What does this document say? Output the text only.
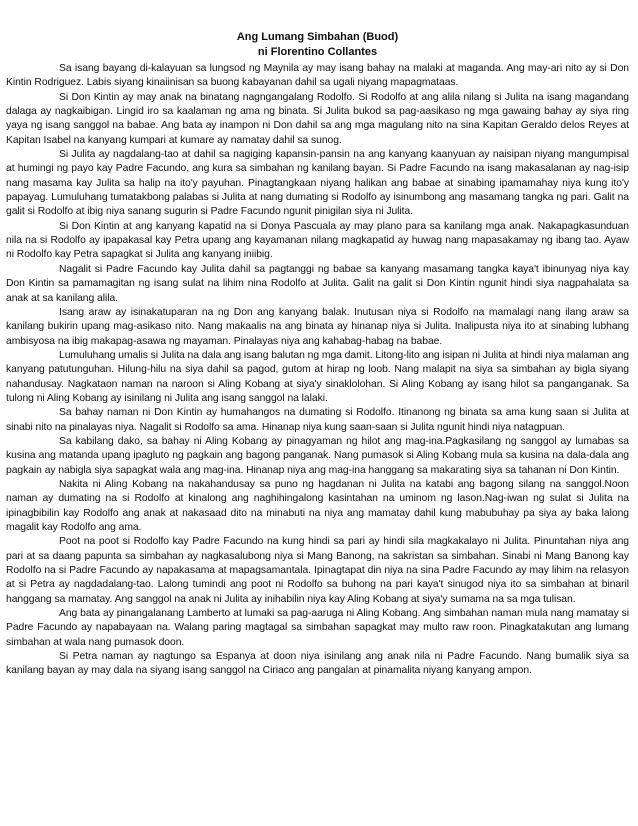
Ang Lumang Simbahan (Buod)
ni Florentino Collantes

Sa isang bayang di-kalayuan sa lungsod ng Maynila ay may isang bahay na malaki at maganda. Ang may-ari nito ay si Don Kintin Rodriguez. Labis siyang kinaiinisan sa buong kabayanan dahil sa ugali niyang mapagmataas.

Si Don Kintin ay may anak na binatang nagngangalang Rodolfo. Si Rodolfo at ang alila nilang si Julita na isang magandang dalaga ay nagkaibigan. Lingid iro sa kaalaman ng ama ng binata. Si Julita bukod sa pag-aasikaso ng mga gawaing bahay ay siya ring yaya ng isang sanggol na babae. Ang bata ay inampon ni Don dahil sa ang mga magulang nito na sina Kapitan Geraldo delos Reyes at Kapitan Isabel na kanyang kumpari at kumare ay namatay dahil sa sunog.

Si Julita ay nagdalang-tao at dahil sa nagiging kapansin-pansin na ang kanyang kaanyuan ay naisipan niyang mangumpisal at humingi ng payo kay Padre Facundo, ang kura sa simbahan ng kanilang bayan. Si Padre Facundo na isang makasalanan ay nag-isip nang masama kay Julita sa halip na ito'y payuhan. Pinagtangkaan niyang halikan ang babae at sinabing ipamamahay niya kung ito'y papayag. Lumuluhang tumatakbong palabas si Julita at nang dumating si Rodolfo ay isinumbong ang masamang tangka ng pari. Galit na galit si Rodolfo at ibig niya sanang sugurin si Padre Facundo ngunit pinigilan siya ni Julita.

Si Don Kintin at ang kanyang kapatid na si Donya Pascuala ay may plano para sa kanilang mga anak. Nakapagkasunduan nila na si Rodolfo ay ipapakasal kay Petra upang ang kayamanan nilang magkapatid ay huwag nang mapasakamay ng ibang tao. Ayaw ni Rodolfo kay Petra sapagkat si Julita ang kanyang iniibig.

Nagalit si Padre Facundo kay Julita dahil sa pagtanggi ng babae sa kanyang masamang tangka kaya't ibinunyag niya kay Don Kintin sa pamamagitan ng isang sulat na lihim nina Rodolfo at Julita. Galit na galit si Don Kintin ngunit hindi siya nagpahalata sa anak at sa kanilang alila.

Isang araw ay isinakatuparan na ng Don ang kanyang balak. Inutusan niya si Rodolfo na mamalagi nang ilang araw sa kanilang bukirin upang mag-asikaso nito. Nang makaalis na ang binata ay hinanap niya si Julita. Inalipusta niya ito at sinabing lubhang ambisyosa na ibig makapag-asawa ng mayaman. Pinalayas niya ang kahabag-habag na babae.

Lumuluhang umalis si Julita na dala ang isang balutan ng mga damit. Litong-lito ang isipan ni Julita at hindi niya malaman ang kanyang patutunguhan. Hilung-hilu na siya dahil sa pagod, gutom at hirap ng loob. Nang malapit na siya sa simbahan ay bigla siyang nahandusay. Nagkataon naman na naroon si Aling Kobang at siya'y sinaklolohan. Si Aling Kobang ay isang hilot sa panganganak. Sa tulong ni Aling Kobang ay isinilang ni Julita ang isang sanggol na lalaki.

Sa bahay naman ni Don Kintin ay humahangos na dumating si Rodolfo. Itinanong ng binata sa ama kung saan si Julita at sinabi nito na pinalayas niya. Nagalit si Rodolfo sa ama. Hinanap niya kung saan-saan si Julita ngunit hindi niya natagpuan.

Sa kabilang dako, sa bahay ni Aling Kobang ay pinagyaman ng hilot ang mag-ina.Pagkasilang ng sanggol ay lumabas sa kusina ang matanda upang ipagluto ng pagkain ang bagong panganak. Nang pumasok si Aling Kobang mula sa kusina na dala-dala ang pagkain ay nabigla siya sapagkat wala ang mag-ina. Hinanap niya ang mag-ina hanggang sa makarating siya sa tahanan ni Don Kintin.

Nakita ni Aling Kobang na nakahandusay sa puno ng hagdanan ni Julita na katabi ang bagong silang na sanggol.Noon naman ay dumating na si Rodolfo at kinalong ang naghihingalong kasintahan na uminom ng lason.Nag-iwan ng sulat si Julita na ipinagbibilin kay Rodolfo ang anak at nakasaad dito na minabuti na niya ang mamatay dahil kung mabubuhay pa siya ay baka lalong magalit kay Rodolfo ang ama.

Poot na poot si Rodolfo kay Padre Facundo na kung hindi sa pari ay hindi sila magkakalayo ni Julita. Pinuntahan niya ang pari at sa daang papunta sa simbahan ay nagkasalubong niya si Mang Banong, na sakristan sa simbahan. Sinabi ni Mang Banong kay Rodolfo na si Padre Facundo ay napakasama at mapagsamantala. Ipinagtapat din niya na sina Padre Facundo ay may lihim na relasyon at si Petra ay nagdadalang-tao. Lalong tumindi ang poot ni Rodolfo sa buhong na pari kaya't sinugod niya ito sa simbahan at binaril hanggang sa mamatay. Ang sanggol na anak ni Julita ay inihabilin niya kay Aling Kobang at siya'y sumama na sa mga tulisan.

Ang bata ay pinangalanang Lamberto at lumaki sa pag-aaruga ni Aling Kobang. Ang simbahan naman mula nang mamatay si Padre Facundo ay napabayaan na. Walang paring magtagal sa simbahan sapagkat may multo raw roon. Pinagkatakutan ang lumang simbahan at wala nang pumasok doon.

Si Petra naman ay nagtungo sa Espanya at doon niya isinilang ang anak nila ni Padre Facundo. Nang bumalik siya sa kanilang bayan ay may dala na siyang isang sanggol na Ciriaco ang pangalan at pinamalita niyang kanyang ampon.
